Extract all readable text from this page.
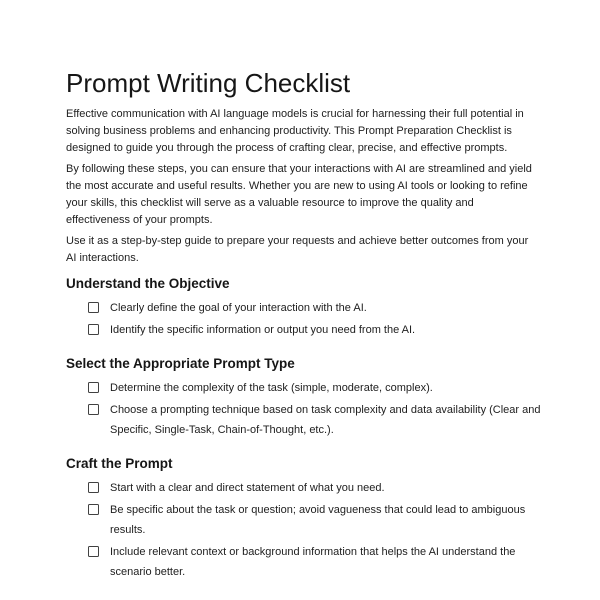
Prompt Writing Checklist

Effective communication with AI language models is crucial for harnessing their full potential in solving business problems and enhancing productivity. This Prompt Preparation Checklist is designed to guide you through the process of crafting clear, precise, and effective prompts.

By following these steps, you can ensure that your interactions with AI are streamlined and yield the most accurate and useful results. Whether you are new to using AI tools or looking to refine your skills, this checklist will serve as a valuable resource to improve the quality and effectiveness of your prompts.

Use it as a step-by-step guide to prepare your requests and achieve better outcomes from your AI interactions.

Understand the Objective
Clearly define the goal of your interaction with the AI.
Identify the specific information or output you need from the AI.
Select the Appropriate Prompt Type
Determine the complexity of the task (simple, moderate, complex).
Choose a prompting technique based on task complexity and data availability (Clear and Specific, Single-Task, Chain-of-Thought, etc.).
Craft the Prompt
Start with a clear and direct statement of what you need.
Be specific about the task or question; avoid vagueness that could lead to ambiguous results.
Include relevant context or background information that helps the AI understand the scenario better.
